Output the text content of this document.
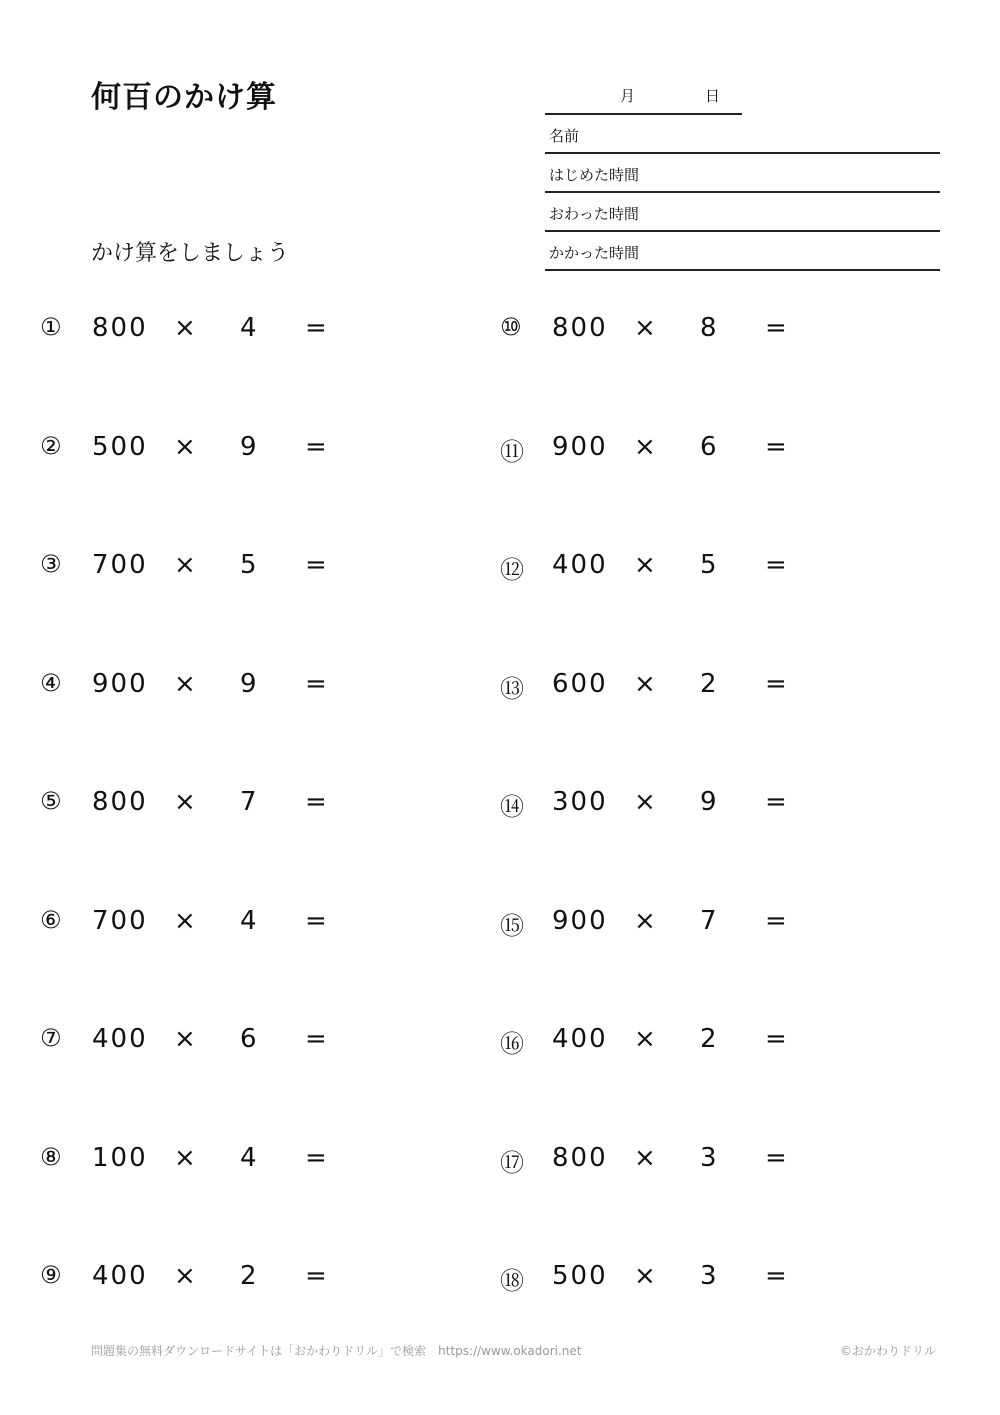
何百のかけ算	月	日
名前
はじめた時間
おわった時間
かかった時間
かけ算をしましょう
① 800 × 4 =
② 500 × 9 =
③ 700 × 5 =
④ 900 × 9 =
⑤ 800 × 7 =
⑥ 700 × 4 =
⑦ 400 × 6 =
⑧ 100 × 4 =
⑨ 400 × 2 =
⑩ 800 × 8 =
⑪ 900 × 6 =
⑫ 400 × 5 =
⑬ 600 × 2 =
⑭ 300 × 9 =
⑮ 900 × 7 =
⑯ 400 × 2 =
⑰ 800 × 3 =
⑱ 500 × 3 =
問題集の無料ダウンロードサイトは「おかわりドリル」で検索　https://www.okadori.net	©おかわりドリル
